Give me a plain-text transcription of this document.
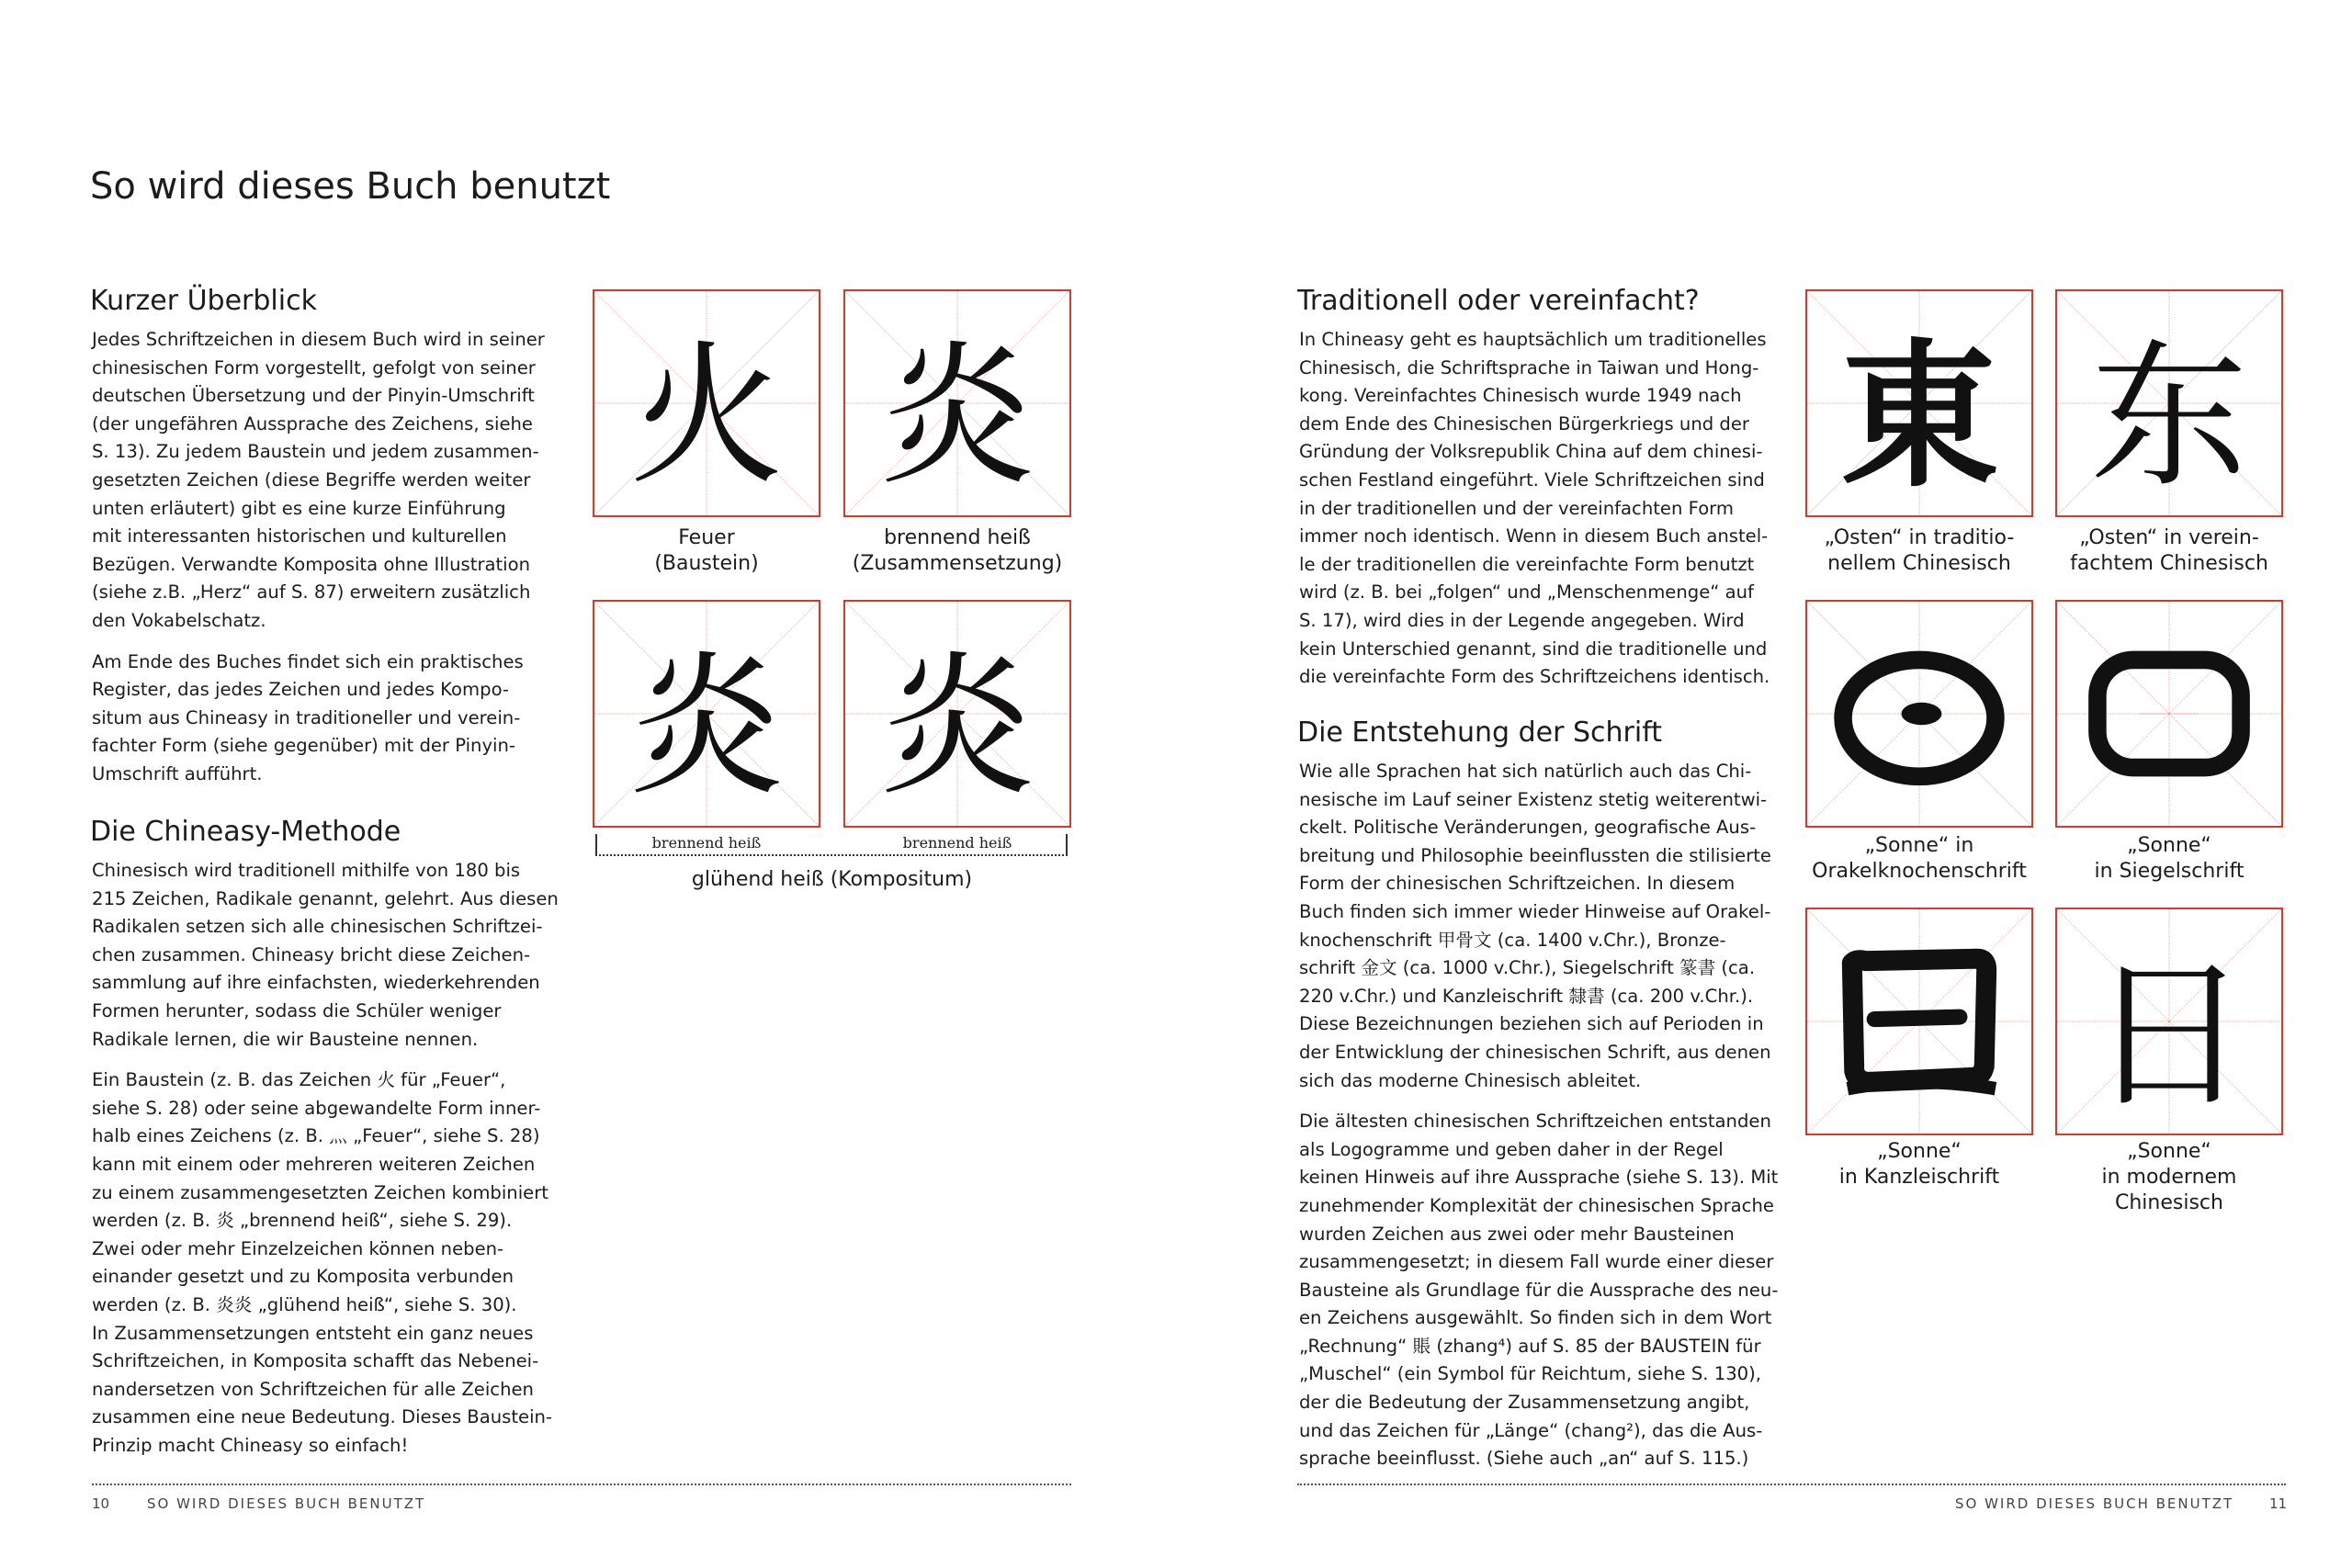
So wird dieses Buch benutzt
Kurzer Überblick

Jedes Schriftzeichen in diesem Buch wird in seiner
chinesischen Form vorgestellt, gefolgt von seiner
deutschen Übersetzung und der Pinyin-Umschrift
(der ungefähren Aussprache des Zeichens, siehe
S. 13). Zu jedem Baustein und jedem zusammen-
gesetzten Zeichen (diese Begriffe werden weiter
unten erläutert) gibt es eine kurze Einführung
mit interessanten historischen und kulturellen
Bezügen. Verwandte Komposita ohne Illustration
(siehe z.B. „Herz“ auf S. 87) erweitern zusätzlich
den Vokabelschatz.

Am Ende des Buches findet sich ein praktisches
Register, das jedes Zeichen und jedes Kompo-
situm aus Chineasy in traditioneller und verein-
fachter Form (siehe gegenüber) mit der Pinyin-
Umschrift aufführt.

Die Chineasy-Methode

Chinesisch wird traditionell mithilfe von 180 bis
215 Zeichen, Radikale genannt, gelehrt. Aus diesen
Radikalen setzen sich alle chinesischen Schriftzei-
chen zusammen. Chineasy bricht diese Zeichen-
sammlung auf ihre einfachsten, wiederkehrenden
Formen herunter, sodass die Schüler weniger
Radikale lernen, die wir Bausteine nennen.

Ein Baustein (z. B. das Zeichen 火 für „Feuer“,
siehe S. 28) oder seine abgewandelte Form inner-
halb eines Zeichens (z. B. 灬 „Feuer“, siehe S. 28)
kann mit einem oder mehreren weiteren Zeichen
zu einem zusammengesetzten Zeichen kombiniert
werden (z. B. 炎 „brennend heiß“, siehe S. 29).
Zwei oder mehr Einzelzeichen können neben-
einander gesetzt und zu Komposita verbunden
werden (z. B. 炎炎 „glühend heiß“, siehe S. 30).
In Zusammensetzungen entsteht ein ganz neues
Schriftzeichen, in Komposita schafft das Nebenei-
nandersetzen von Schriftzeichen für alle Zeichen
zusammen eine neue Bedeutung. Dieses Baustein-
Prinzip macht Chineasy so einfach!

火
Feuer
(Baustein)
炎
brennend heiß
(Zusammensetzung)
炎 炎
brennend heiß	brennend heiß
glühend heiß (Kompositum)
10	SO WIRD DIESES BUCH BENUTZT
Traditionell oder vereinfacht?

In Chineasy geht es hauptsächlich um traditionelles
Chinesisch, die Schriftsprache in Taiwan und Hong-
kong. Vereinfachtes Chinesisch wurde 1949 nach
dem Ende des Chinesischen Bürgerkriegs und der
Gründung der Volksrepublik China auf dem chinesi-
schen Festland eingeführt. Viele Schriftzeichen sind
in der traditionellen und der vereinfachten Form
immer noch identisch. Wenn in diesem Buch anstel-
le der traditionellen die vereinfachte Form benutzt
wird (z. B. bei „folgen“ und „Menschenmenge“ auf
S. 17), wird dies in der Legende angegeben. Wird
kein Unterschied genannt, sind die traditionelle und
die vereinfachte Form des Schriftzeichens identisch.

Die Entstehung der Schrift

Wie alle Sprachen hat sich natürlich auch das Chi-
nesische im Lauf seiner Existenz stetig weiterentwi-
ckelt. Politische Veränderungen, geografische Aus-
breitung und Philosophie beeinflussten die stilisierte
Form der chinesischen Schriftzeichen. In diesem
Buch finden sich immer wieder Hinweise auf Orakel-
knochenschrift 甲骨文 (ca. 1400 v.Chr.), Bronze-
schrift 金文 (ca. 1000 v.Chr.), Siegelschrift 篆書 (ca.
220 v.Chr.) und Kanzleischrift 隸書 (ca. 200 v.Chr.).
Diese Bezeichnungen beziehen sich auf Perioden in
der Entwicklung der chinesischen Schrift, aus denen
sich das moderne Chinesisch ableitet.

Die ältesten chinesischen Schriftzeichen entstanden
als Logogramme und geben daher in der Regel
keinen Hinweis auf ihre Aussprache (siehe S. 13). Mit
zunehmender Komplexität der chinesischen Sprache
wurden Zeichen aus zwei oder mehr Bausteinen
zusammengesetzt; in diesem Fall wurde einer dieser
Bausteine als Grundlage für die Aussprache des neu-
en Zeichens ausgewählt. So finden sich in dem Wort
„Rechnung“ 賬 (zhang⁴) auf S. 85 der BAUSTEIN für
„Muschel“ (ein Symbol für Reichtum, siehe S. 130),
der die Bedeutung der Zusammensetzung angibt,
und das Zeichen für „Länge“ (chang²), das die Aus-
sprache beeinflusst. (Siehe auch „an“ auf S. 115.)

東
„Osten“ in traditio-
nellem Chinesisch
东
„Osten“ in verein-
fachtem Chinesisch
„Sonne“ in
Orakelknochenschrift
„Sonne“
in Siegelschrift
„Sonne“
in Kanzleischrift
日
„Sonne“
in modernem
Chinesisch
SO WIRD DIESES BUCH BENUTZT	11
